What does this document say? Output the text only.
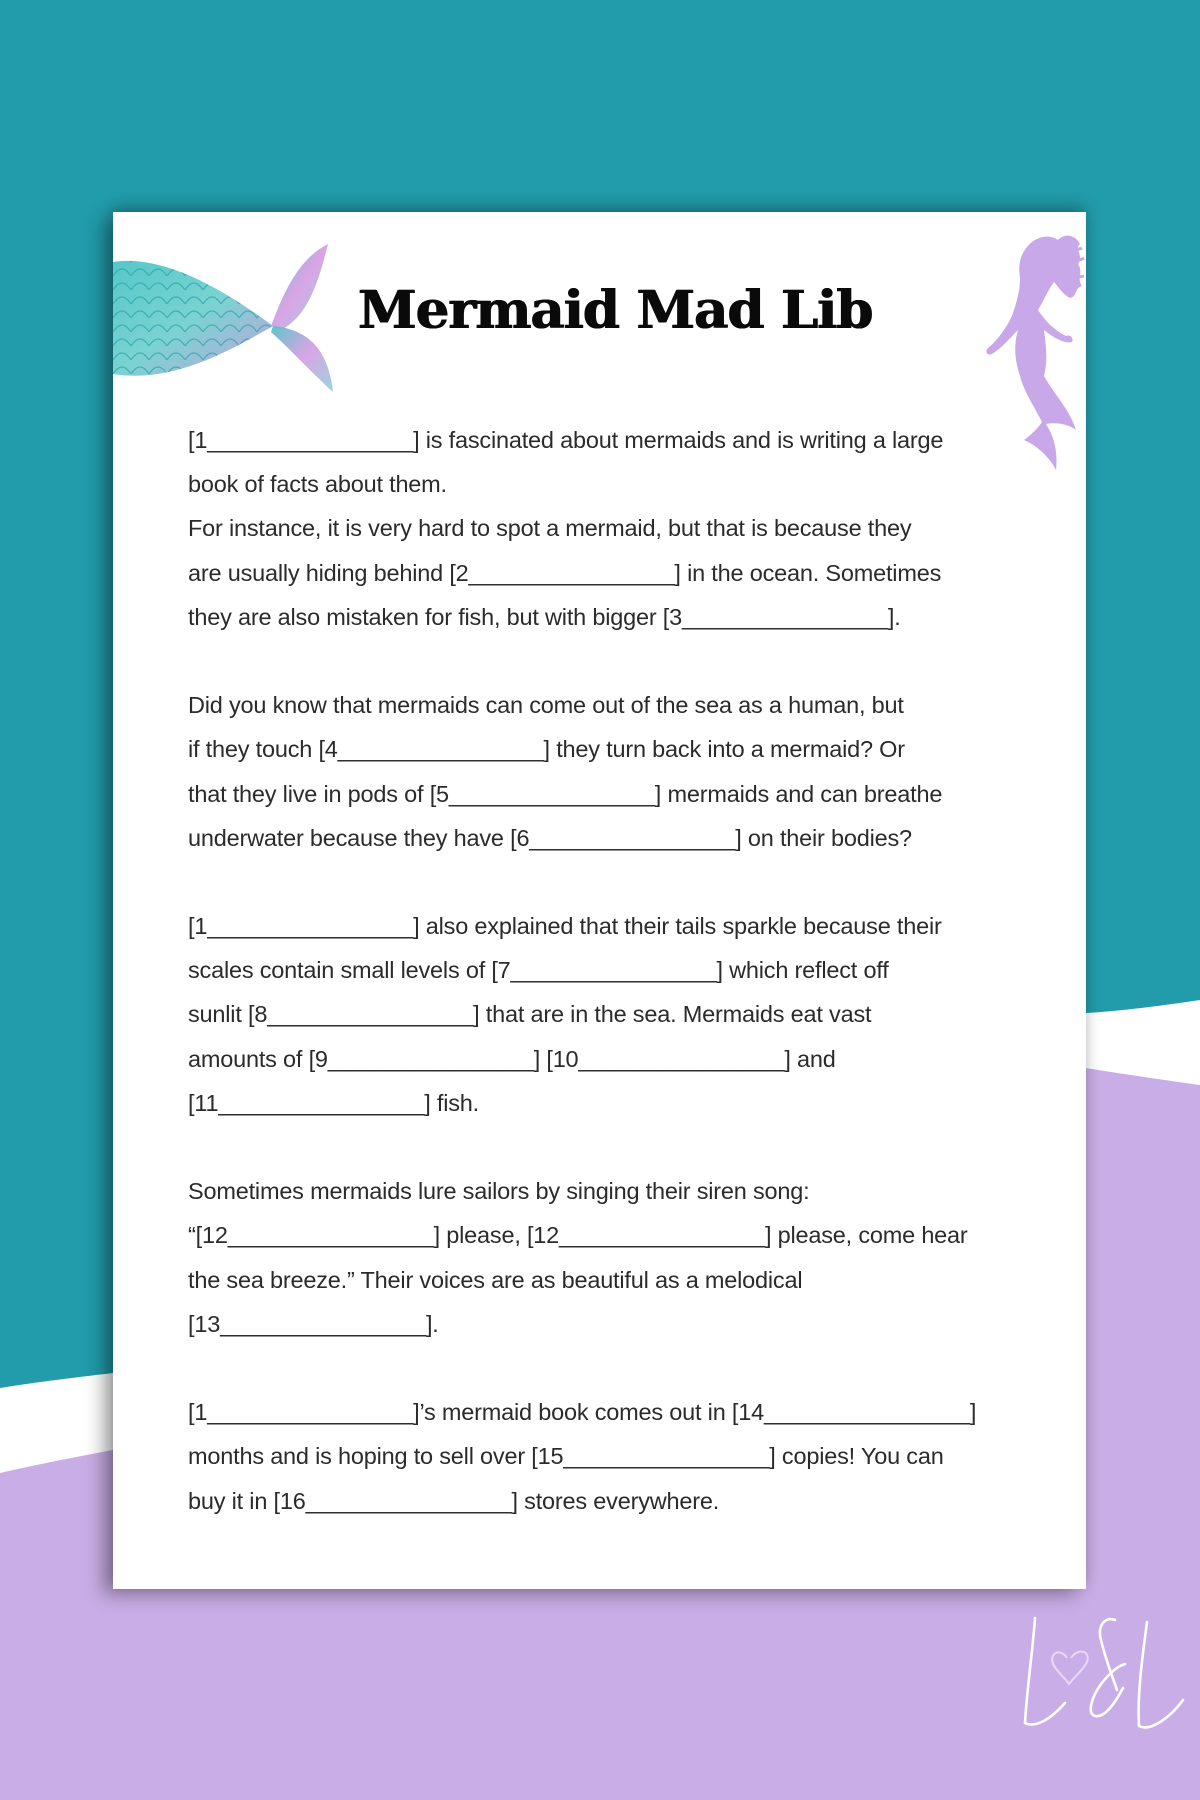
Mermaid Mad Lib
[1________________] is fascinated about mermaids and is writing a large
book of facts about them.
For instance, it is very hard to spot a mermaid, but that is because they
are usually hiding behind [2________________] in the ocean. Sometimes
they are also mistaken for fish, but with bigger [3________________].
Did you know that mermaids can come out of the sea as a human, but
if they touch [4________________] they turn back into a mermaid? Or
that they live in pods of [5________________] mermaids and can breathe
underwater because they have [6________________] on their bodies?
[1________________] also explained that their tails sparkle because their
scales contain small levels of [7________________] which reflect off
sunlit [8________________] that are in the sea. Mermaids eat vast
amounts of [9________________] [10________________] and
[11________________] fish.
Sometimes mermaids lure sailors by singing their siren song:
“[12________________] please, [12________________] please, come hear
the sea breeze.” Their voices are as beautiful as a melodical
[13________________].
[1________________]’s mermaid book comes out in [14________________]
months and is hoping to sell over [15________________] copies! You can
buy it in [16________________] stores everywhere.
